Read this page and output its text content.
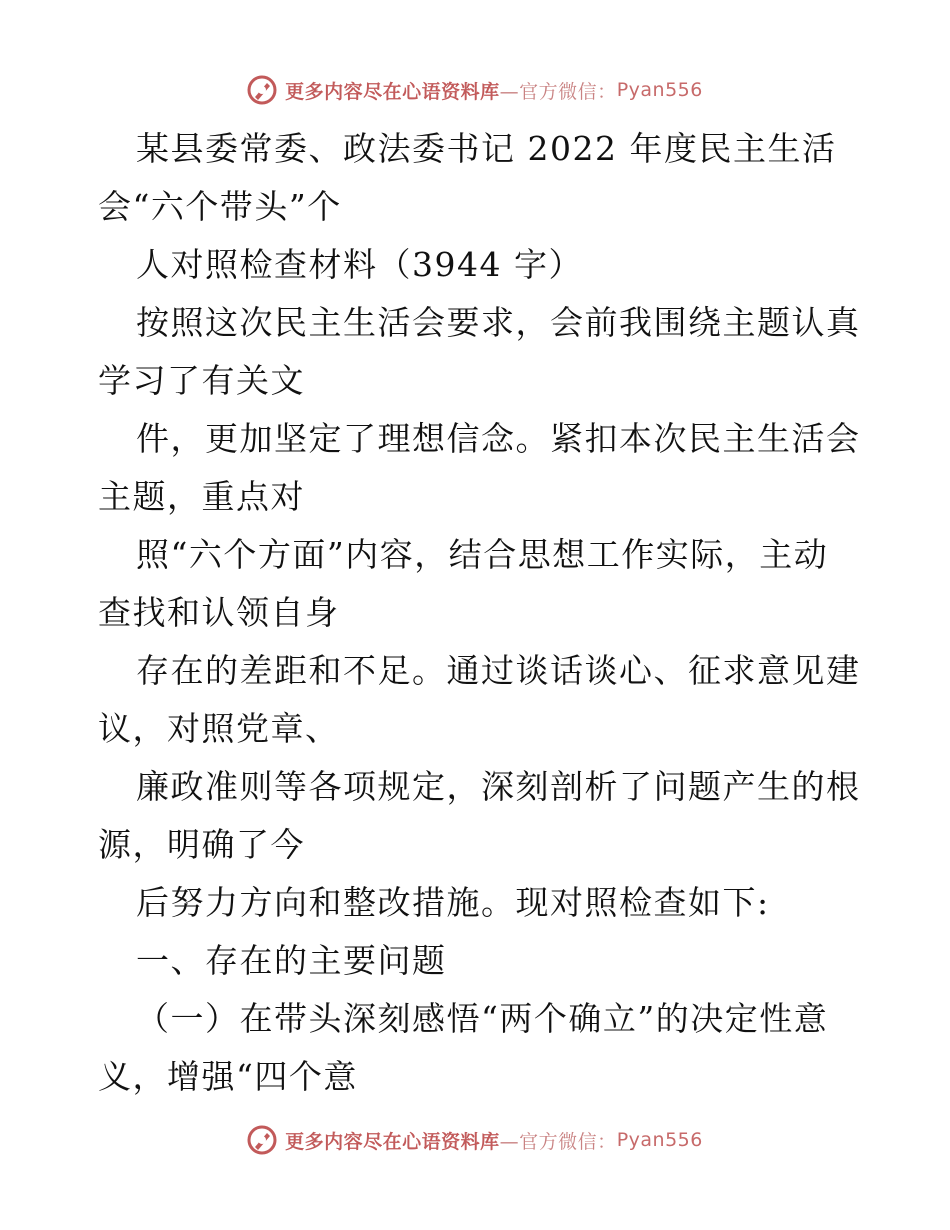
更多内容尽在心语资料库 —官方微信： Pyan556
某县委常委、政法委书记 2022 年度民主生活
会“六个带头”个
人对照检查材料（3944 字）
按照这次民主生活会要求，会前我围绕主题认真
学习了有关文
件，更加坚定了理想信念。紧扣本次民主生活会
主题，重点对
照“六个方面”内容，结合思想工作实际，主动
查找和认领自身
存在的差距和不足。通过谈话谈心、征求意见建
议，对照党章、
廉政准则等各项规定，深刻剖析了问题产生的根
源，明确了今
后努力方向和整改措施。现对照检查如下:
一、存在的主要问题
（一）在带头深刻感悟“两个确立”的决定性意
义，增强“四个意
更多内容尽在心语资料库 —官方微信： Pyan556
